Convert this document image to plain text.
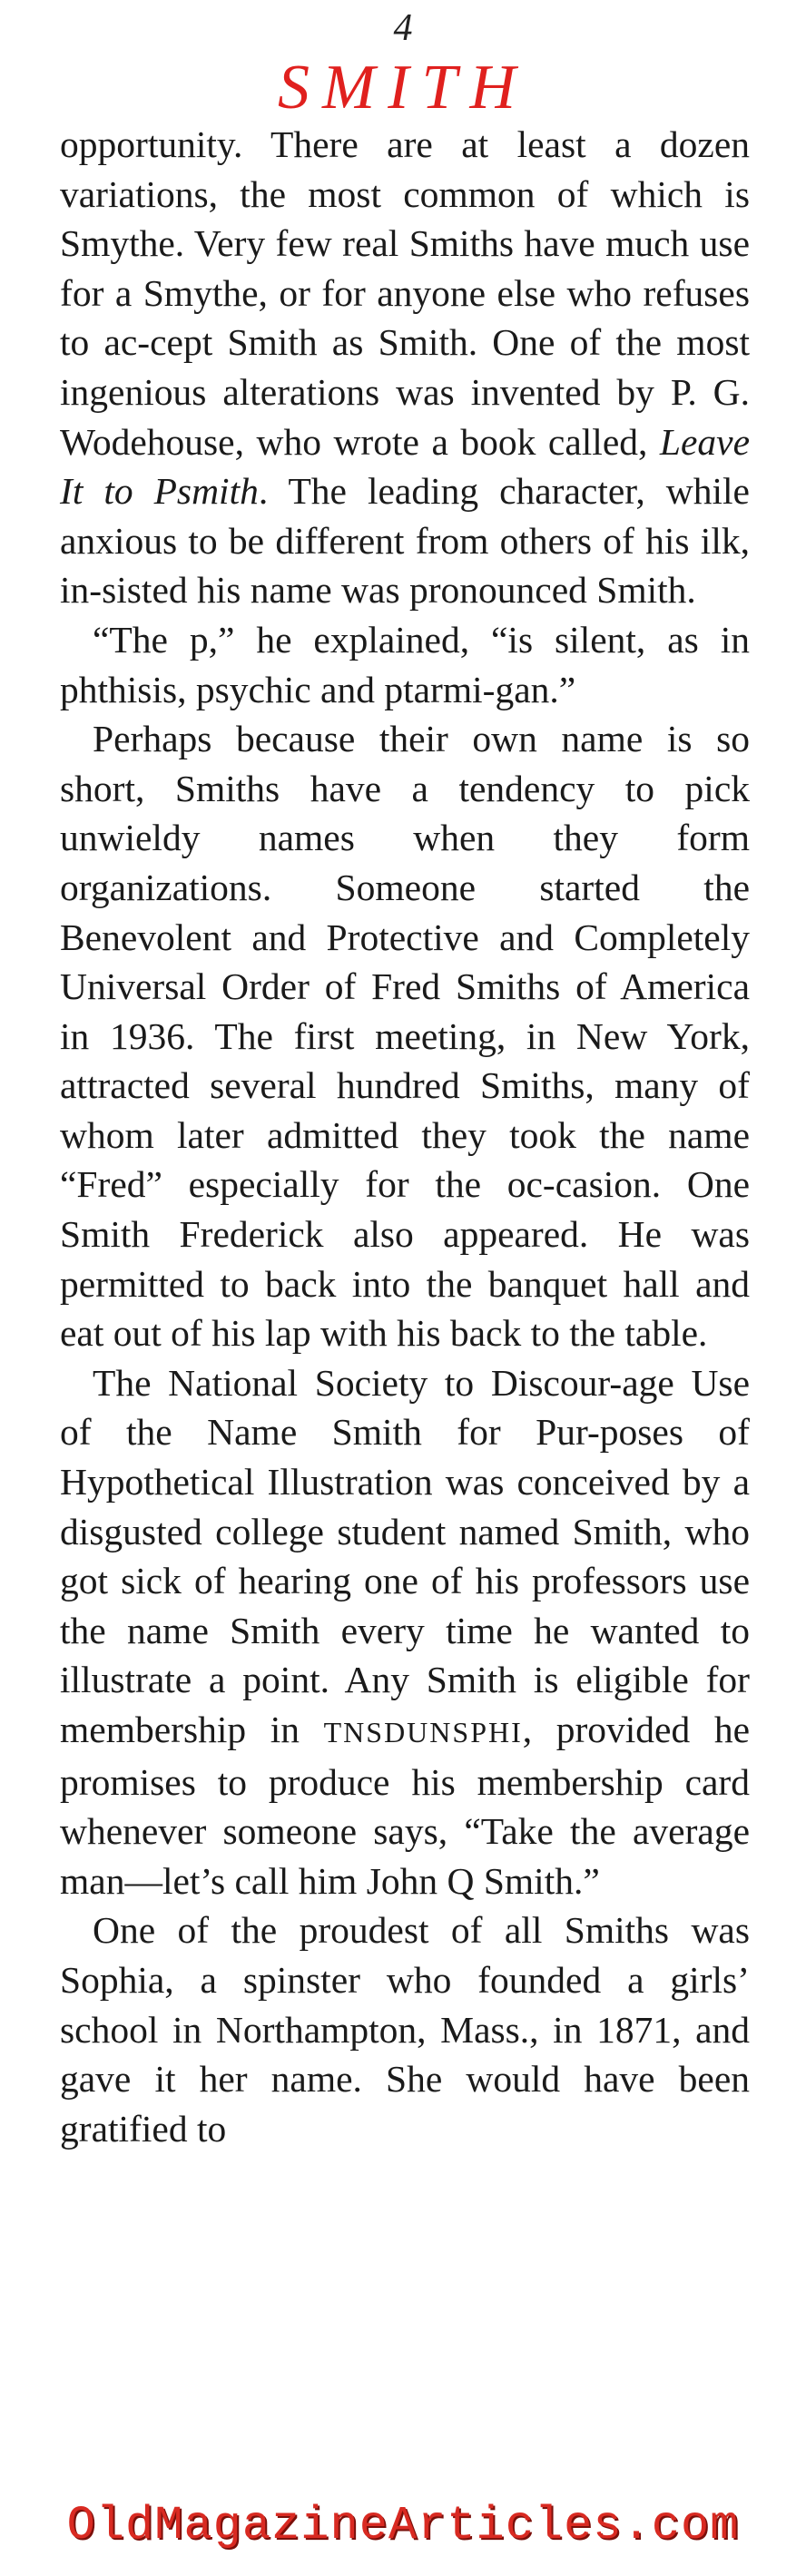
4
SMITH

opportunity. There are at least a dozen variations, the most common of which is Smythe. Very few real Smiths have much use for a Smythe, or for anyone else who refuses to ac-cept Smith as Smith. One of the most ingenious alterations was invented by P. G. Wodehouse, who wrote a book called, Leave It to Psmith. The leading character, while anxious to be different from others of his ilk, in-sisted his name was pronounced Smith.

“The p,” he explained, “is silent, as in phthisis, psychic and ptarmi-gan.”

Perhaps because their own name is so short, Smiths have a tendency to pick unwieldy names when they form organizations. Someone started the Benevolent and Protective and Completely Universal Order of Fred Smiths of America in 1936. The first meeting, in New York, attracted several hundred Smiths, many of whom later admitted they took the name “Fred” especially for the oc-casion. One Smith Frederick also appeared. He was permitted to back into the banquet hall and eat out of his lap with his back to the table.

The National Society to Discour-age Use of the Name Smith for Pur-poses of Hypothetical Illustration was conceived by a disgusted college student named Smith, who got sick of hearing one of his professors use the name Smith every time he wanted to illustrate a point. Any Smith is eligible for membership in TNSDUNSPHI, provided he promises to produce his membership card whenever someone says, “Take the average man—let’s call him John Q Smith.”

One of the proudest of all Smiths was Sophia, a spinster who founded a girls’ school in Northampton, Mass., in 1871, and gave it her name. She would have been gratified to

OldMagazineArticles.com
